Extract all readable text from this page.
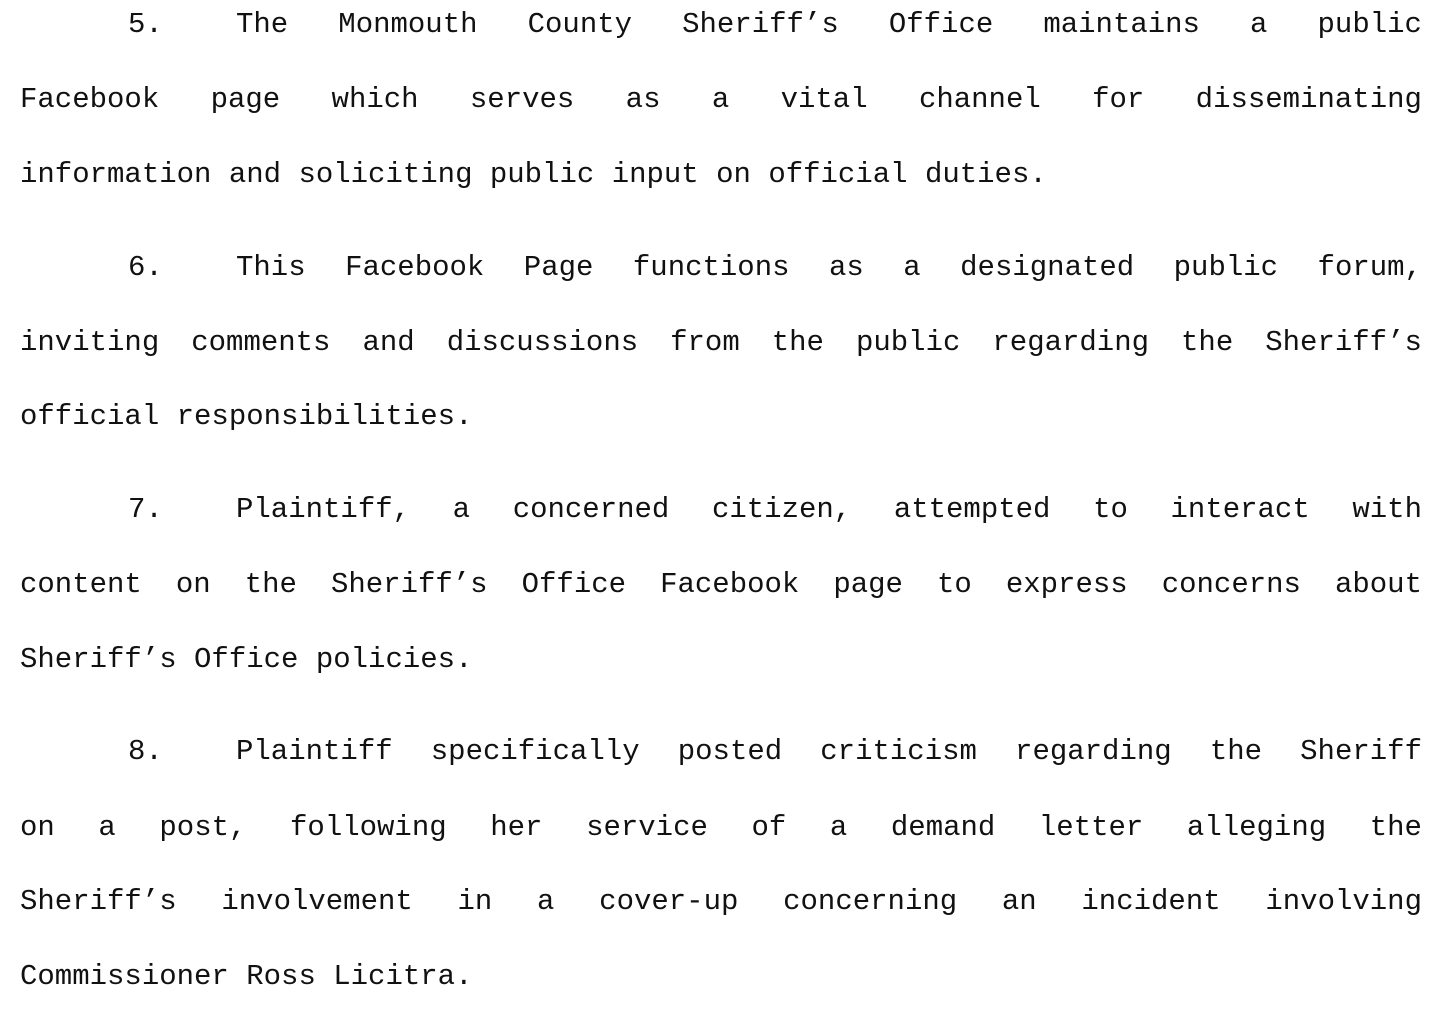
5.	The Monmouth County Sheriff’s Office maintains a public
Facebook page which serves as a vital channel for disseminating
information and soliciting public input on official duties.
6.	This Facebook Page functions as a designated public forum,
inviting comments and discussions from the public regarding the Sheriff’s
official responsibilities.
7.	Plaintiff, a concerned citizen, attempted to interact with
content on the Sheriff’s Office Facebook page to express concerns about
Sheriff’s Office policies.
8.	Plaintiff specifically posted criticism regarding the Sheriff
on a post, following her service of a demand letter alleging the
Sheriff’s involvement in a cover-up concerning an incident involving
Commissioner Ross Licitra.
